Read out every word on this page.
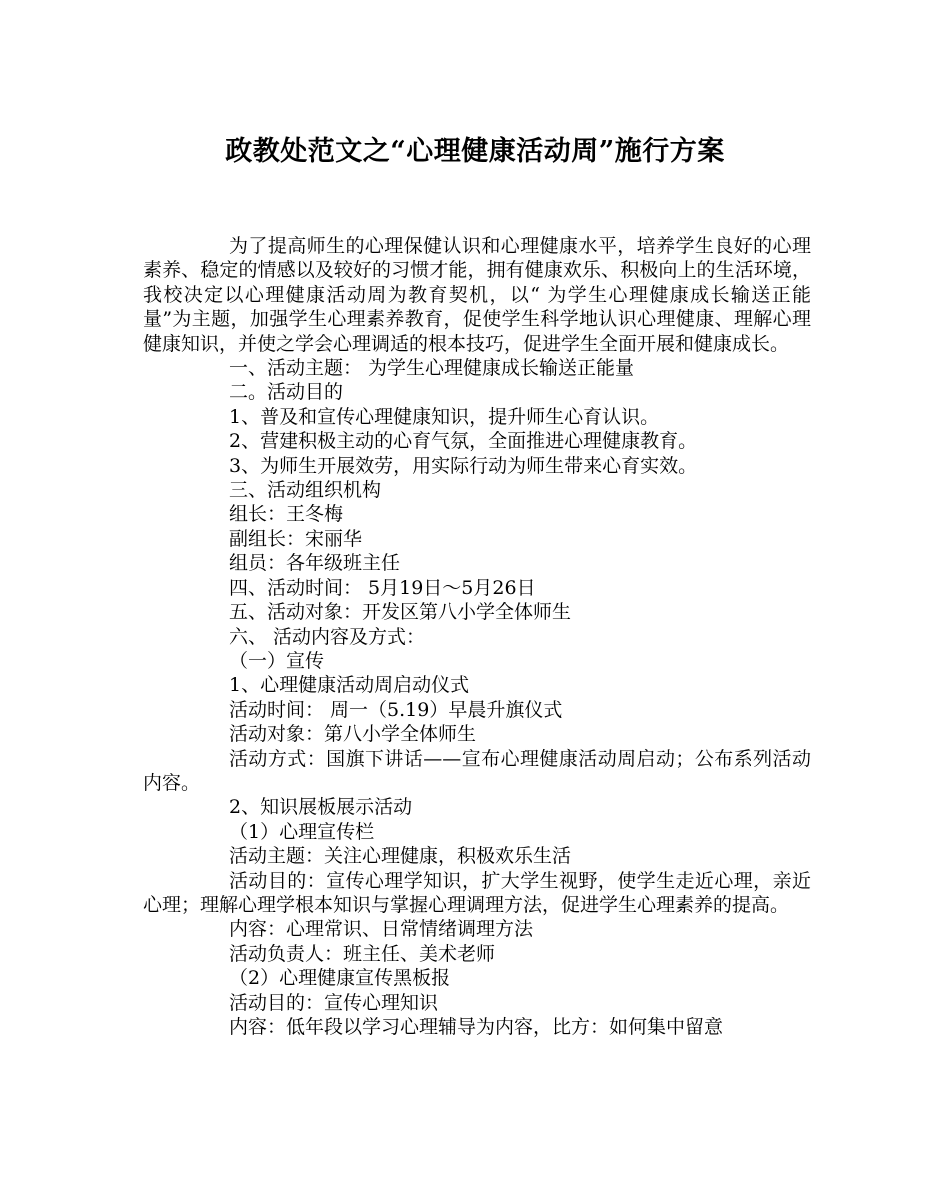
政教处范文之“心理健康活动周”施行方案

为了提高师生的心理保健认识和心理健康水平，培养学生良好的心理素养、稳定的情感以及较好的习惯才能，拥有健康欢乐、积极向上的生活环境，我校决定以心理健康活动周为教育契机，以“ 为学生心理健康成长输送正能量”为主题，加强学生心理素养教育，促使学生科学地认识心理健康、理解心理健康知识，并使之学会心理调适的根本技巧，促进学生全面开展和健康成长。

一、活动主题： 为学生心理健康成长输送正能量

二。活动目的

1、普及和宣传心理健康知识，提升师生心育认识。

2、营建积极主动的心育气氛，全面推进心理健康教育。

3、为师生开展效劳，用实际行动为师生带来心育实效。

三、活动组织机构

组长：王冬梅

副组长：宋丽华

组员：各年级班主任

四、活动时间： 5月19日～5月26日

五、活动对象：开发区第八小学全体师生

六、 活动内容及方式：

（一）宣传

1、心理健康活动周启动仪式

活动时间： 周一（5.19）早晨升旗仪式

活动对象：第八小学全体师生

活动方式：国旗下讲话——宣布心理健康活动周启动；公布系列活动内容。

2、知识展板展示活动

（1）心理宣传栏

活动主题：关注心理健康，积极欢乐生活

活动目的：宣传心理学知识，扩大学生视野，使学生走近心理，亲近心理；理解心理学根本知识与掌握心理调理方法，促进学生心理素养的提高。

内容：心理常识、日常情绪调理方法

活动负责人：班主任、美术老师

（2）心理健康宣传黑板报

活动目的：宣传心理知识

内容：低年段以学习心理辅导为内容，比方：如何集中留意
